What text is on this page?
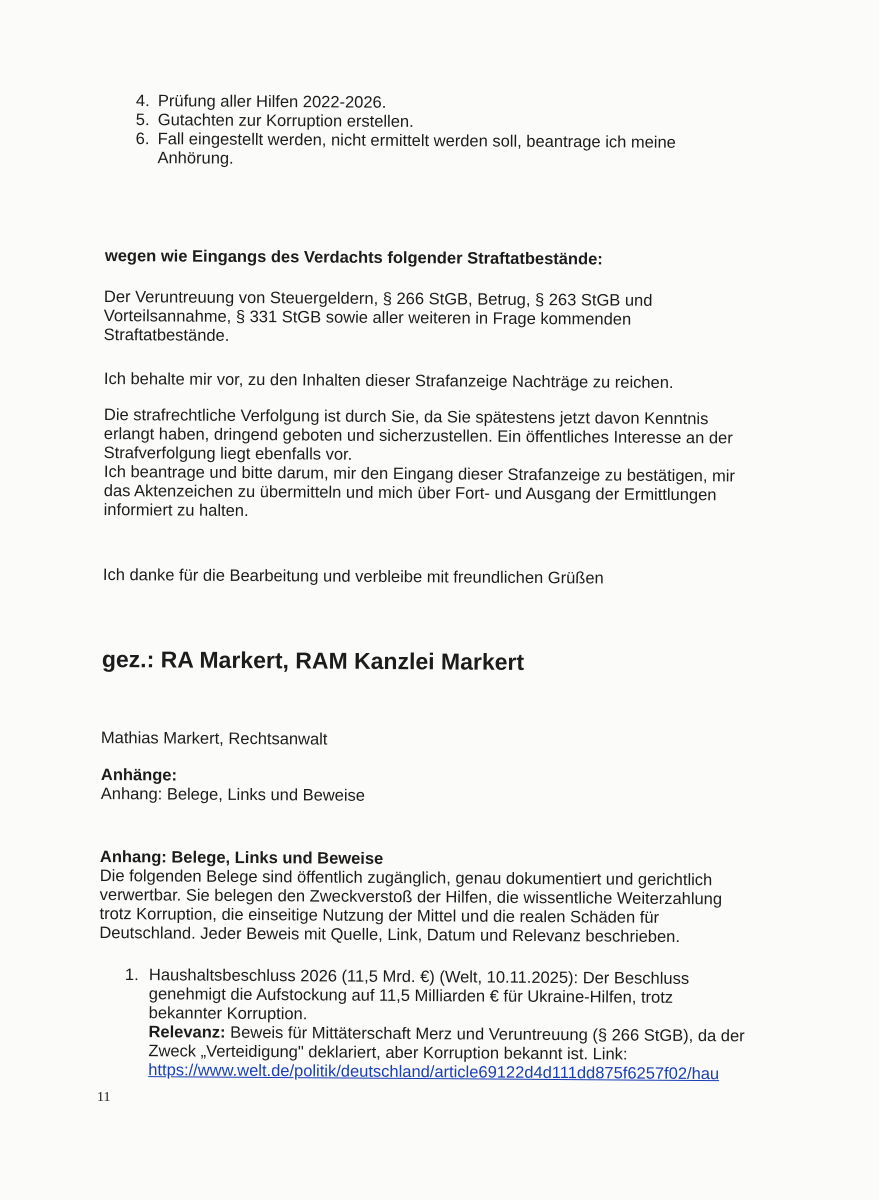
4. Prüfung aller Hilfen 2022-2026.

5. Gutachten zur Korruption erstellen.

6. Fall eingestellt werden, nicht ermittelt werden soll, beantrage ich meine Anhörung.

wegen wie Eingangs des Verdachts folgender Straftatbestände:
Der Veruntreuung von Steuergeldern, § 266 StGB, Betrug, § 263 StGB und Vorteilsannahme, § 331 StGB sowie aller weiteren in Frage kommenden Straftatbestände.
Ich behalte mir vor, zu den Inhalten dieser Strafanzeige Nachträge zu reichen.
Die strafrechtliche Verfolgung ist durch Sie, da Sie spätestens jetzt davon Kenntnis erlangt haben, dringend geboten und sicherzustellen. Ein öffentliches Interesse an der Strafverfolgung liegt ebenfalls vor.
Ich beantrage und bitte darum, mir den Eingang dieser Strafanzeige zu bestätigen, mir das Aktenzeichen zu übermitteln und mich über Fort- und Ausgang der Ermittlungen informiert zu halten.
Ich danke für die Bearbeitung und verbleibe mit freundlichen Grüßen
gez.: RA Markert, RAM Kanzlei Markert
Mathias Markert, Rechtsanwalt

Anhänge:

Anhang: Belege, Links und Beweise

Anhang: Belege, Links und Beweise

Die folgenden Belege sind öffentlich zugänglich, genau dokumentiert und gerichtlich verwertbar. Sie belegen den Zweckverstoß der Hilfen, die wissentliche Weiterzahlung trotz Korruption, die einseitige Nutzung der Mittel und die realen Schäden für Deutschland. Jeder Beweis mit Quelle, Link, Datum und Relevanz beschrieben.

1. Haushaltsbeschluss 2026 (11,5 Mrd. €) (Welt, 10.11.2025): Der Beschluss genehmigt die Aufstockung auf 11,5 Milliarden € für Ukraine-Hilfen, trotz bekannter Korruption.

Relevanz: Beweis für Mittäterschaft Merz und Veruntreuung (§ 266 StGB), da der Zweck „Verteidigung" deklariert, aber Korruption bekannt ist. Link:

https://www.welt.de/politik/deutschland/article69122d4d111dd875f6257f02/hau

11
